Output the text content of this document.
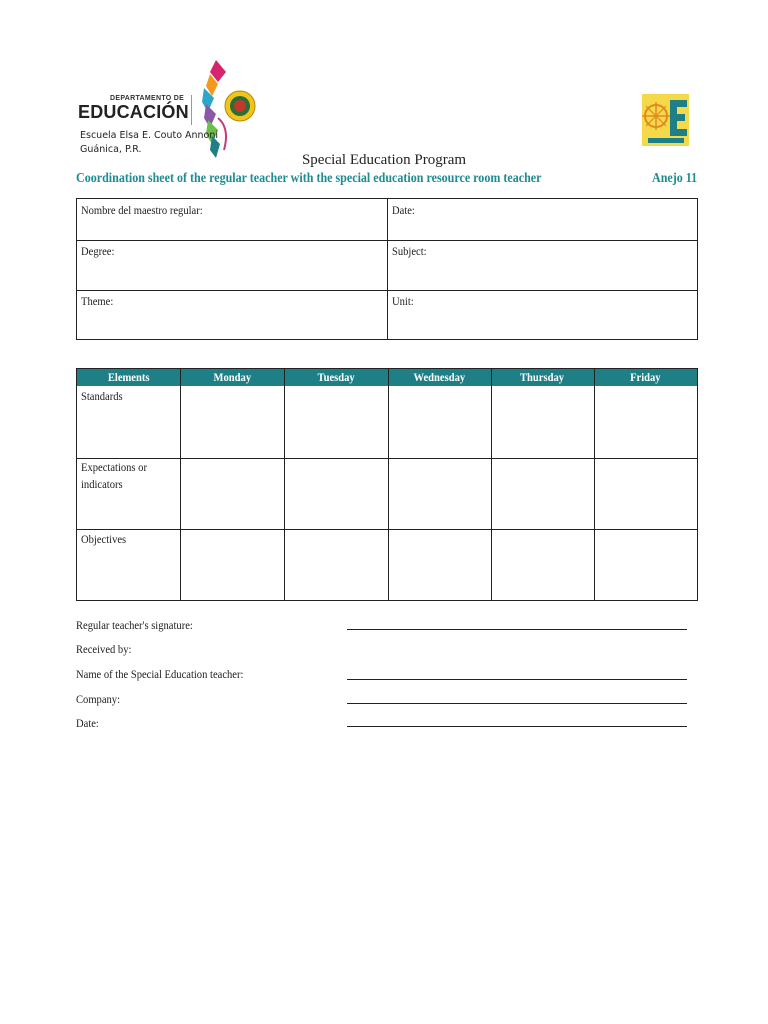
DEPARTAMENTO DE
EDUCACIÓN
Escuela Elsa E. Couto Annoni
Guánica, P.R.
Special Education Program
Coordination sheet of the regular teacher with the special education resource room teacher	Anejo 11
Nombre del maestro regular:	Date:
Degree:	Subject:
Theme:	Unit:
Elements	Monday	Tuesday	Wednesday	Thursday	Friday
Standards
Expectations or indicators
Objectives
Regular teacher's signature:
Received by:
Name of the Special Education teacher:
Company:
Date:
